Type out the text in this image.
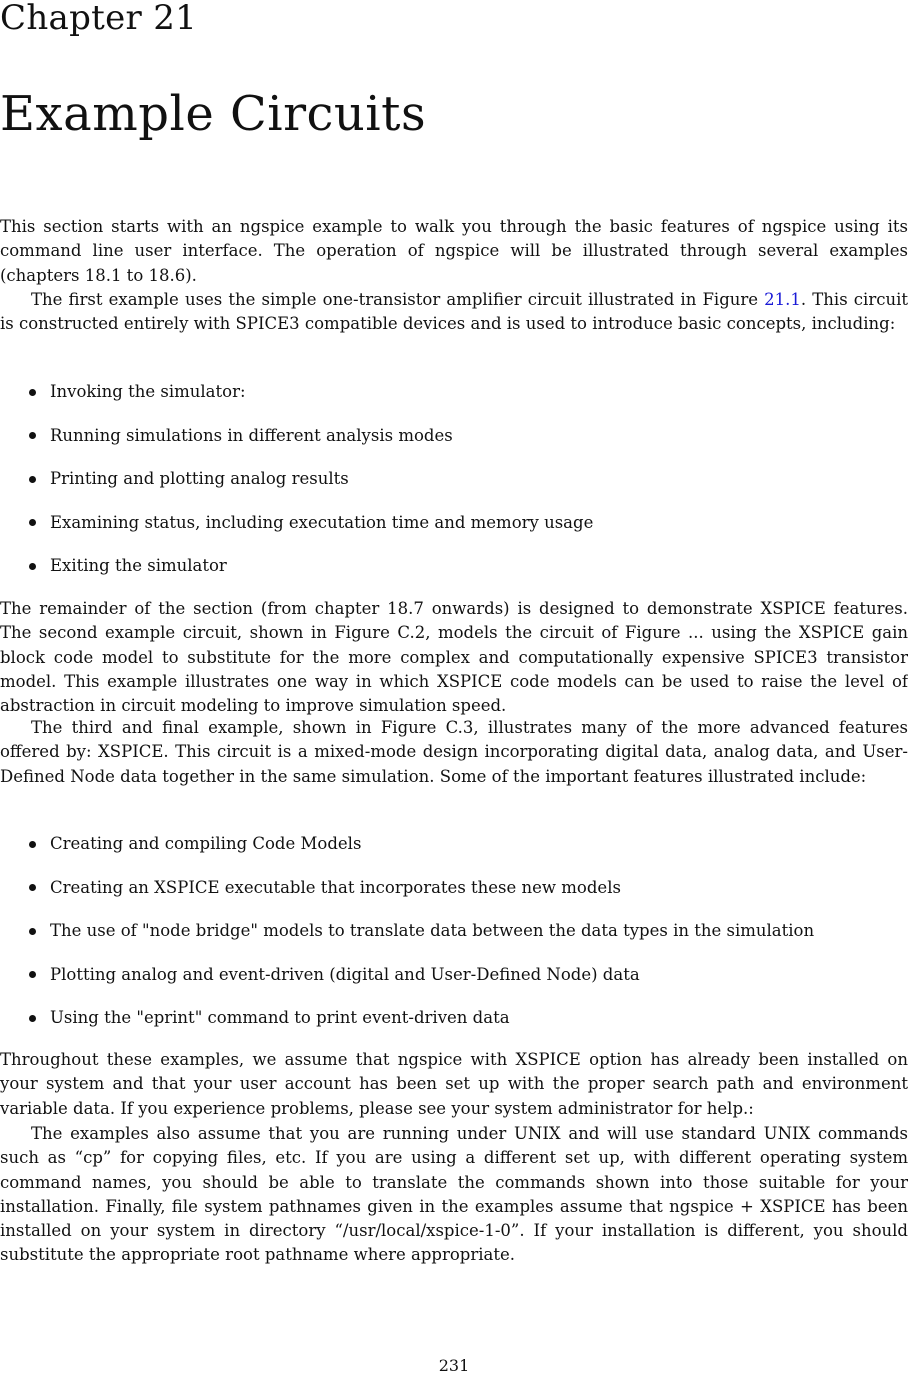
Chapter 21
Example Circuits

This section starts with an ngspice example to walk you through the basic features of ngspice using its command line user interface. The operation of ngspice will be illustrated through several examples (chapters 18.1 to 18.6).

The first example uses the simple one-transistor amplifier circuit illustrated in Figure 21.1. This circuit is constructed entirely with SPICE3 compatible devices and is used to introduce basic concepts, including:

Invoking the simulator:
Running simulations in different analysis modes
Printing and plotting analog results
Examining status, including executation time and memory usage
Exiting the simulator

The remainder of the section (from chapter 18.7 onwards) is designed to demonstrate XSPICE features. The second example circuit, shown in Figure C.2, models the circuit of Figure ... using the XSPICE gain block code model to substitute for the more complex and computationally expensive SPICE3 transistor model. This example illustrates one way in which XSPICE code models can be used to raise the level of abstraction in circuit modeling to improve simulation speed.

The third and final example, shown in Figure C.3, illustrates many of the more advanced features offered by: XSPICE. This circuit is a mixed-mode design incorporating digital data, analog data, and User-Defined Node data together in the same simulation. Some of the important features illustrated include:

Creating and compiling Code Models
Creating an XSPICE executable that incorporates these new models
The use of "node bridge" models to translate data between the data types in the simulation
Plotting analog and event-driven (digital and User-Defined Node) data
Using the "eprint" command to print event-driven data

Throughout these examples, we assume that ngspice with XSPICE option has already been installed on your system and that your user account has been set up with the proper search path and environment variable data. If you experience problems, please see your system administrator for help.:

The examples also assume that you are running under UNIX and will use standard UNIX commands such as “cp” for copying files, etc. If you are using a different set up, with different operating system command names, you should be able to translate the commands shown into those suitable for your installation. Finally, file system pathnames given in the examples assume that ngspice + XSPICE has been installed on your system in directory “/usr/local/xspice-1-0”. If your installation is different, you should substitute the appropriate root pathname where appropriate.

231
